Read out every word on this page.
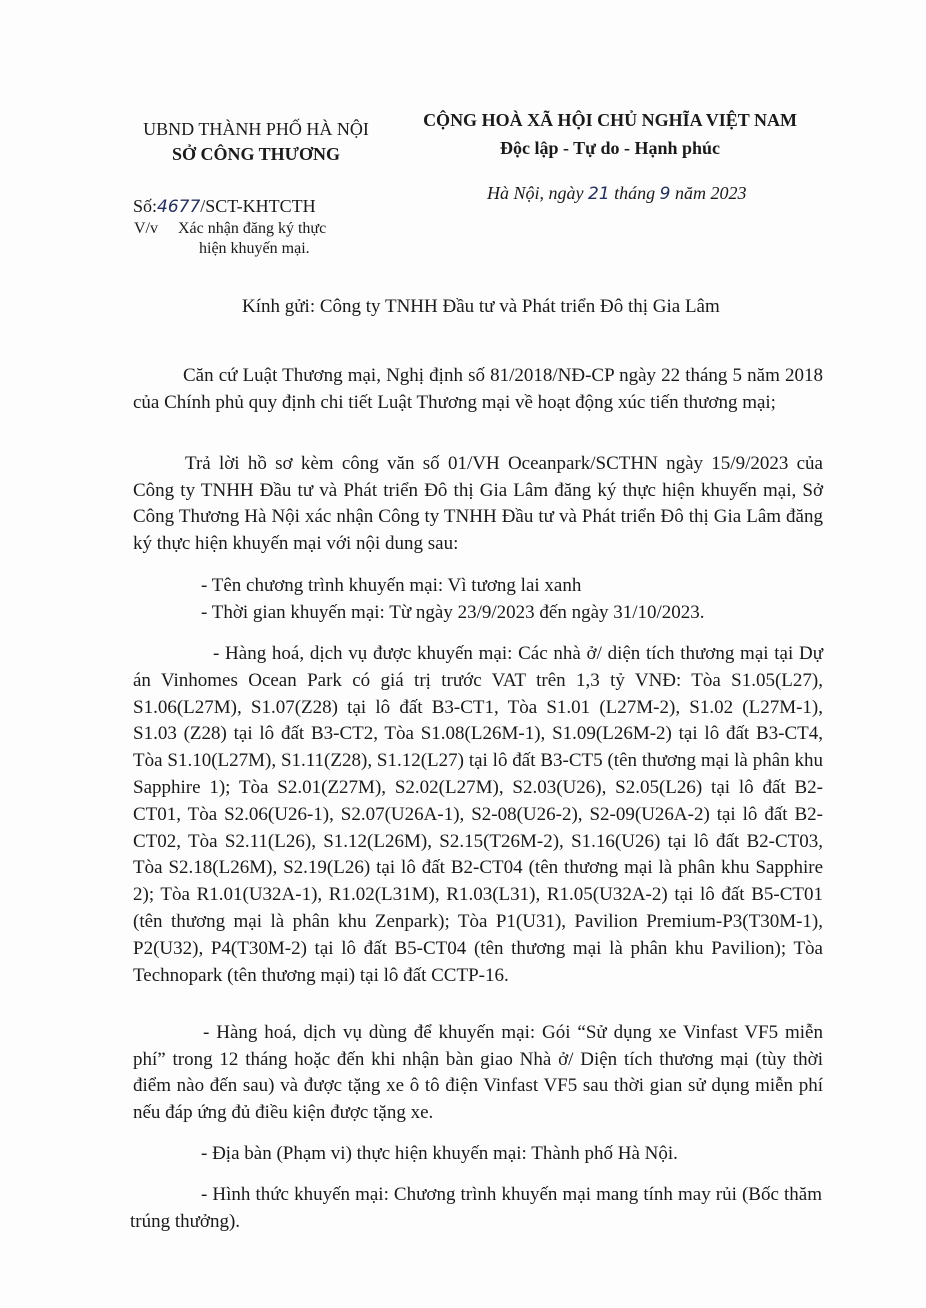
UBND THÀNH PHỐ HÀ NỘI
SỞ CÔNG THƯƠNG
CỘNG HOÀ XÃ HỘI CHỦ NGHĨA VIỆT NAM
Độc lập - Tự do - Hạnh phúc
Số:4677/SCT-KHTCTH
V/v Xác nhận đăng ký thực
hiện khuyến mại.
Hà Nội, ngày 21 tháng 9 năm 2023
Kính gửi: Công ty TNHH Đầu tư và Phát triển Đô thị Gia Lâm
Căn cứ Luật Thương mại, Nghị định số 81/2018/NĐ-CP ngày 22 tháng 5 năm 2018 của Chính phủ quy định chi tiết Luật Thương mại về hoạt động xúc tiến thương mại;
Trả lời hồ sơ kèm công văn số 01/VH Oceanpark/SCTHN ngày 15/9/2023 của Công ty TNHH Đầu tư và Phát triển Đô thị Gia Lâm đăng ký thực hiện khuyến mại, Sở Công Thương Hà Nội xác nhận Công ty TNHH Đầu tư và Phát triển Đô thị Gia Lâm đăng ký thực hiện khuyến mại với nội dung sau:
- Tên chương trình khuyến mại: Vì tương lai xanh
- Thời gian khuyến mại: Từ ngày 23/9/2023 đến ngày 31/10/2023.
- Hàng hoá, dịch vụ được khuyến mại: Các nhà ở/ diện tích thương mại tại Dự án Vinhomes Ocean Park có giá trị trước VAT trên 1,3 tỷ VNĐ: Tòa S1.05(L27), S1.06(L27M), S1.07(Z28) tại lô đất B3-CT1, Tòa S1.01 (L27M-2), S1.02 (L27M-1), S1.03 (Z28) tại lô đất B3-CT2, Tòa S1.08(L26M-1), S1.09(L26M-2) tại lô đất B3-CT4, Tòa S1.10(L27M), S1.11(Z28), S1.12(L27) tại lô đất B3-CT5 (tên thương mại là phân khu Sapphire 1); Tòa S2.01(Z27M), S2.02(L27M), S2.03(U26), S2.05(L26) tại lô đất B2-CT01, Tòa S2.06(U26-1), S2.07(U26A-1), S2-08(U26-2), S2-09(U26A-2) tại lô đất B2-CT02, Tòa S2.11(L26), S1.12(L26M), S2.15(T26M-2), S1.16(U26) tại lô đất B2-CT03, Tòa S2.18(L26M), S2.19(L26) tại lô đất B2-CT04 (tên thương mại là phân khu Sapphire 2); Tòa R1.01(U32A-1), R1.02(L31M), R1.03(L31), R1.05(U32A-2) tại lô đất B5-CT01 (tên thương mại là phân khu Zenpark); Tòa P1(U31), Pavilion Premium-P3(T30M-1), P2(U32), P4(T30M-2) tại lô đất B5-CT04 (tên thương mại là phân khu Pavilion); Tòa Technopark (tên thương mại) tại lô đất CCTP-16.
- Hàng hoá, dịch vụ dùng để khuyến mại: Gói “Sử dụng xe Vinfast VF5 miễn phí” trong 12 tháng hoặc đến khi nhận bàn giao Nhà ở/ Diện tích thương mại (tùy thời điểm nào đến sau) và được tặng xe ô tô điện Vinfast VF5 sau thời gian sử dụng miễn phí nếu đáp ứng đủ điều kiện được tặng xe.
- Địa bàn (Phạm vi) thực hiện khuyến mại: Thành phố Hà Nội.
- Hình thức khuyến mại: Chương trình khuyến mại mang tính may rủi (Bốc thăm trúng thưởng).
